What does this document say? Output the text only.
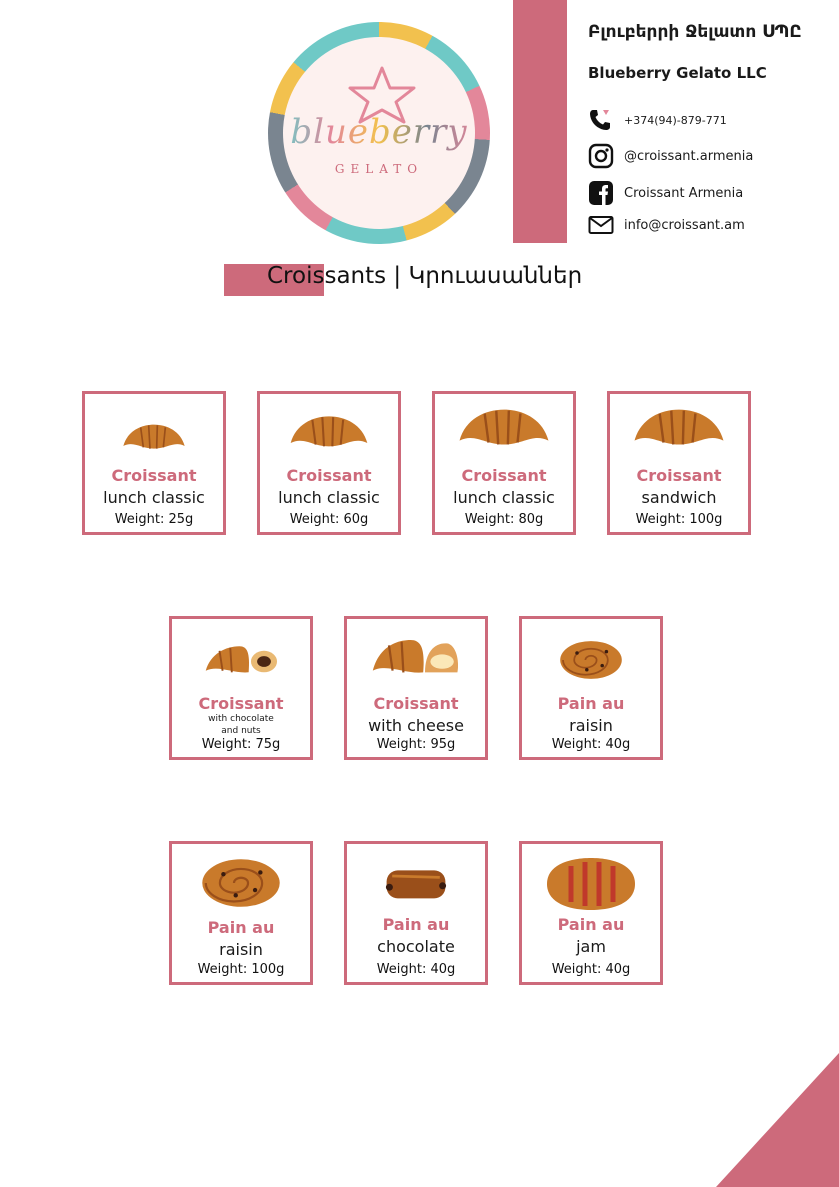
blueberry
GELATO
Բլուբերրի Ջելատո ՍՊԸ
Blueberry Gelato LLC
+374(94)-879-771
@croissant.armenia
Croissant Armenia
info@croissant.am
Croissants | Կրուասաններ
Croissant
lunch classic
Weight: 25g
Croissant
lunch classic
Weight: 60g
Croissant
lunch classic
Weight: 80g
Croissant
sandwich
Weight: 100g
Croissant
with chocolate and nuts
Weight: 75g
Croissant
with cheese
Weight: 95g
Pain au
raisin
Weight: 40g
Pain au
raisin
Weight: 100g
Pain au
chocolate
Weight: 40g
Pain au
jam
Weight: 40g
